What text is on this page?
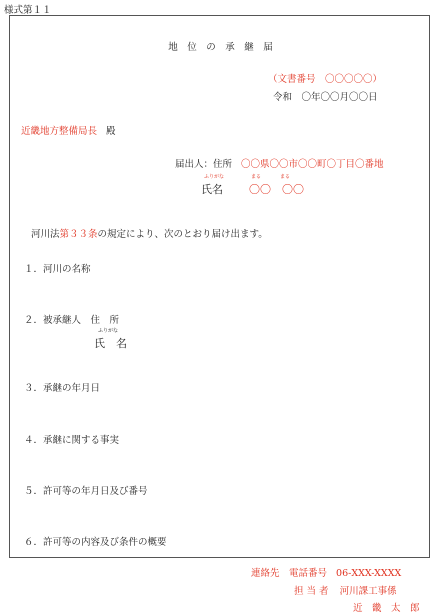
様式第１１
地　位　の　承　継　届
（文書番号　〇〇〇〇〇）
令和　〇年〇〇月〇〇日
近畿地方整備局長 殿
届出人：住所 〇〇県〇〇市〇〇町〇丁目〇番地
ふりがな
氏名
まる	まる
〇〇　〇〇
河川法第３３条の規定により、次のとおり届け出ます。
１．河川の名称
２．被承継人　住　所
ふりがな
氏　名
３．承継の年月日
４．承継に関する事実
５．許可等の年月日及び番号
６．許可等の内容及び条件の概要
連絡先　電話番号 06-XXX-XXXX
担 当 者 河川課工事係
近　畿　太　郎
